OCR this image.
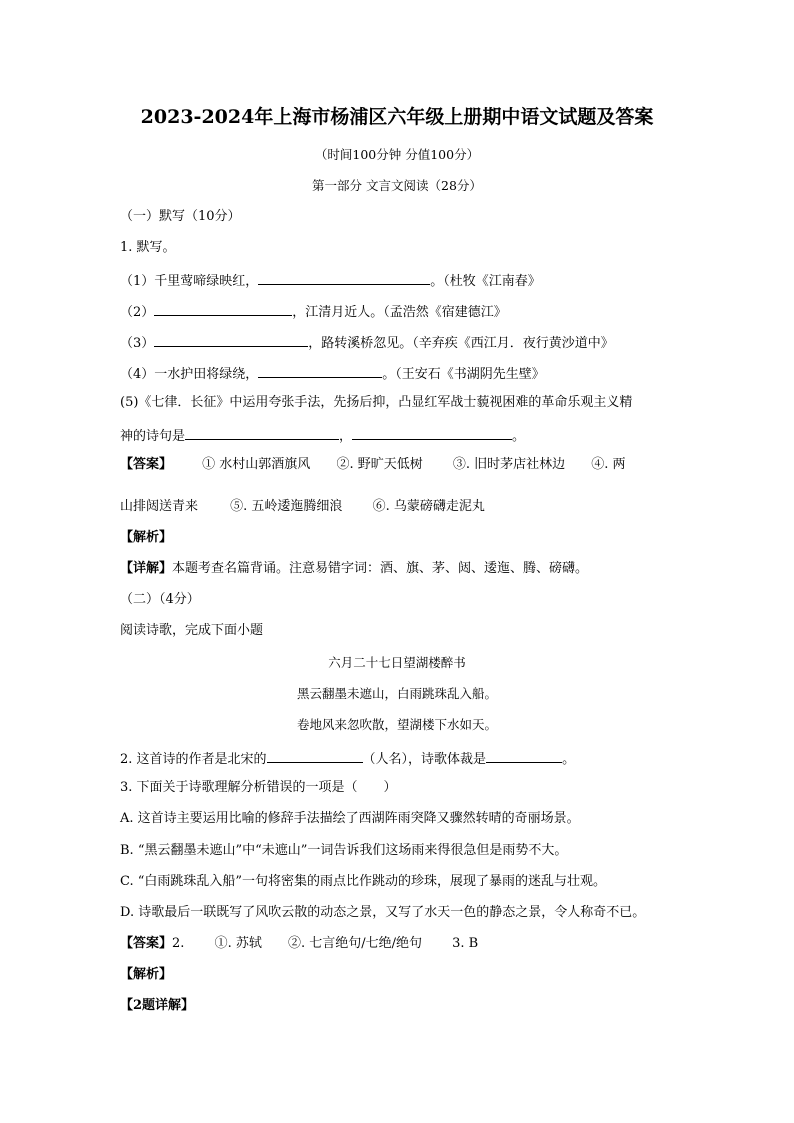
2023-2024年上海市杨浦区六年级上册期中语文试题及答案
（时间100分钟 分值100分）
第一部分 文言文阅读（28分）
（一）默写（10分）
1. 默写。
（1）千里莺啼绿映红，	。（杜牧《江南春》
（2）	，江清月近人。（孟浩然《宿建德江》
（3）	，路转溪桥忽见。（辛弃疾《西江月．夜行黄沙道中》
（4）一水护田将绿绕，	。（王安石《书湖阴先生壁》
(5)《七律．长征》中运用夸张手法，先扬后抑，凸显红军战士藐视困难的革命乐观主义精
神的诗句是	，	。
【答案】 ① 水村山郭酒旗风 ②. 野旷天低树 ③. 旧时茅店社林边 ④. 两
山排闼送青来 ⑤. 五岭逶迤腾细浪 ⑥. 乌蒙磅礴走泥丸
【解析】
【详解】本题考查名篇背诵。注意易错字词：酒、旗、茅、闼、逶迤、腾、磅礴。
（二）（4分）
阅读诗歌，完成下面小题
六月二十七日望湖楼醉书
黑云翻墨未遮山，白雨跳珠乱入船。
卷地风来忽吹散，望湖楼下水如天。
2. 这首诗的作者是北宋的	（人名），诗歌体裁是	。
3. 下面关于诗歌理解分析错误的一项是（　　）
A. 这首诗主要运用比喻的修辞手法描绘了西湖阵雨突降又骤然转晴的奇丽场景。
B. “黑云翻墨未遮山”中“未遮山”一词告诉我们这场雨来得很急但是雨势不大。
C. “白雨跳珠乱入船”一句将密集的雨点比作跳动的珍珠，展现了暴雨的迷乱与壮观。
D. 诗歌最后一联既写了风吹云散的动态之景，又写了水天一色的静态之景，令人称奇不已。
【答案】2. ①. 苏轼 ②. 七言绝句/七绝/绝句 3. B
【解析】
【2题详解】
